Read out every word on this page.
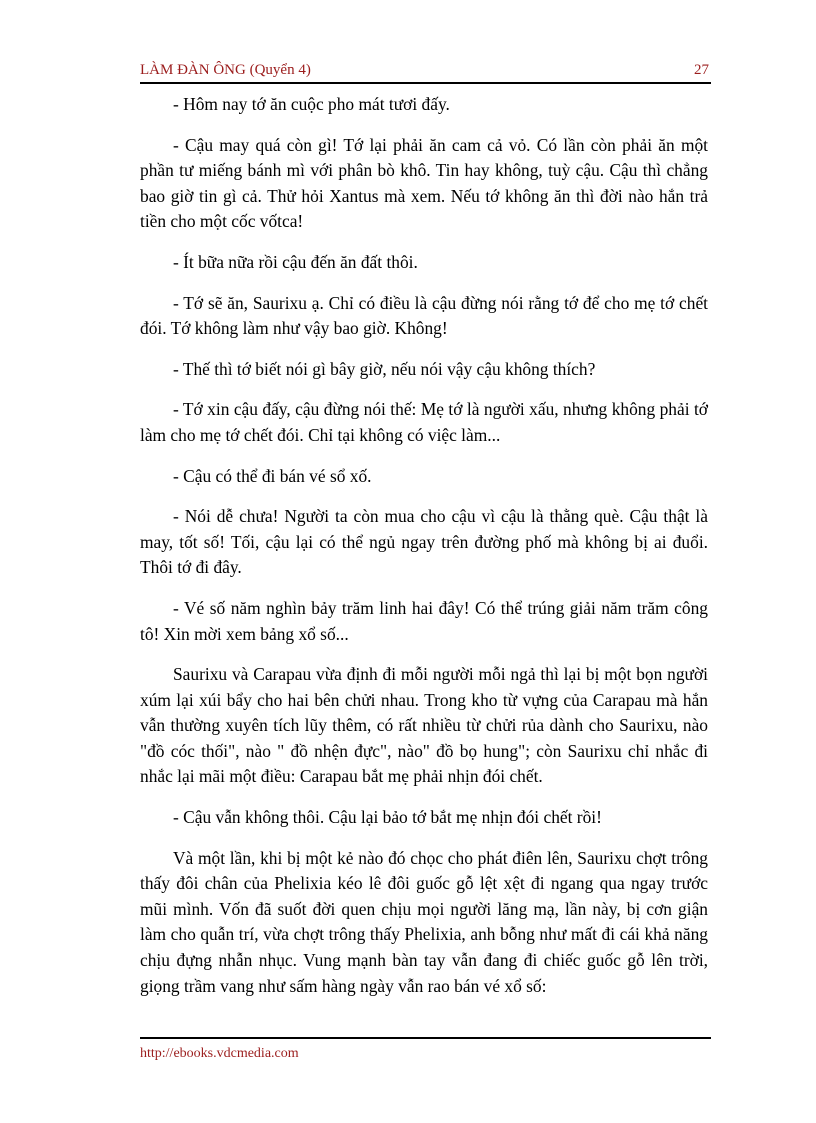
LÀM ĐÀN ÔNG (Quyển 4)	27

- Hôm nay tớ ăn cuộc pho mát tươi đấy.

- Cậu may quá còn gì! Tớ lại phải ăn cam cả vỏ. Có lần còn phải ăn một phần tư miếng bánh mì với phân bò khô. Tin hay không, tuỳ cậu. Cậu thì chẳng bao giờ tin gì cả. Thử hỏi Xantus mà xem. Nếu tớ không ăn thì đời nào hắn trả tiền cho một cốc vốtca!

- Ít bữa nữa rồi cậu đến ăn đất thôi.

- Tớ sẽ ăn, Saurixu ạ. Chỉ có điều là cậu đừng nói rằng tớ để cho mẹ tớ chết đói. Tớ không làm như vậy bao giờ. Không!

- Thế thì tớ biết nói gì bây giờ, nếu nói vậy cậu không thích?

- Tớ xin cậu đấy, cậu đừng nói thế: Mẹ tớ là người xấu, nhưng không phải tớ làm cho mẹ tớ chết đói. Chỉ tại không có việc làm...

- Cậu có thể đi bán vé sổ xố.

- Nói dễ chưa! Người ta còn mua cho cậu vì cậu là thằng què. Cậu thật là may, tốt số! Tối, cậu lại có thể ngủ ngay trên đường phố mà không bị ai đuổi. Thôi tớ đi đây.

- Vé số năm nghìn bảy trăm linh hai đây! Có thể trúng giải năm trăm công tô! Xin mời xem bảng xổ số...

Saurixu và Carapau vừa định đi mỗi người mỗi ngả thì lại bị một bọn người xúm lại xúi bẩy cho hai bên chửi nhau. Trong kho từ vựng của Carapau mà hắn vẫn thường xuyên tích lũy thêm, có rất nhiều từ chửi rủa dành cho Saurixu, nào "đồ cóc thối", nào " đồ nhện đực", nào" đồ bọ hung"; còn Saurixu chỉ nhắc đi nhắc lại mãi một điều: Carapau bắt mẹ phải nhịn đói chết.

- Cậu vẫn không thôi. Cậu lại bảo tớ bắt mẹ nhịn đói chết rồi!

Và một lần, khi bị một kẻ nào đó chọc cho phát điên lên, Saurixu chợt trông thấy đôi chân của Phelixia kéo lê đôi guốc gỗ lệt xệt đi ngang qua ngay trước mũi mình. Vốn đã suốt đời quen chịu mọi người lăng mạ, lần này, bị cơn giận làm cho quẫn trí, vừa chợt trông thấy Phelixia, anh bỗng như mất đi cái khả năng chịu đựng nhẫn nhục. Vung mạnh bàn tay vẫn đang đi chiếc guốc gỗ lên trời, giọng trầm vang như sấm hàng ngày vẫn rao bán vé xổ số:

http://ebooks.vdcmedia.com
